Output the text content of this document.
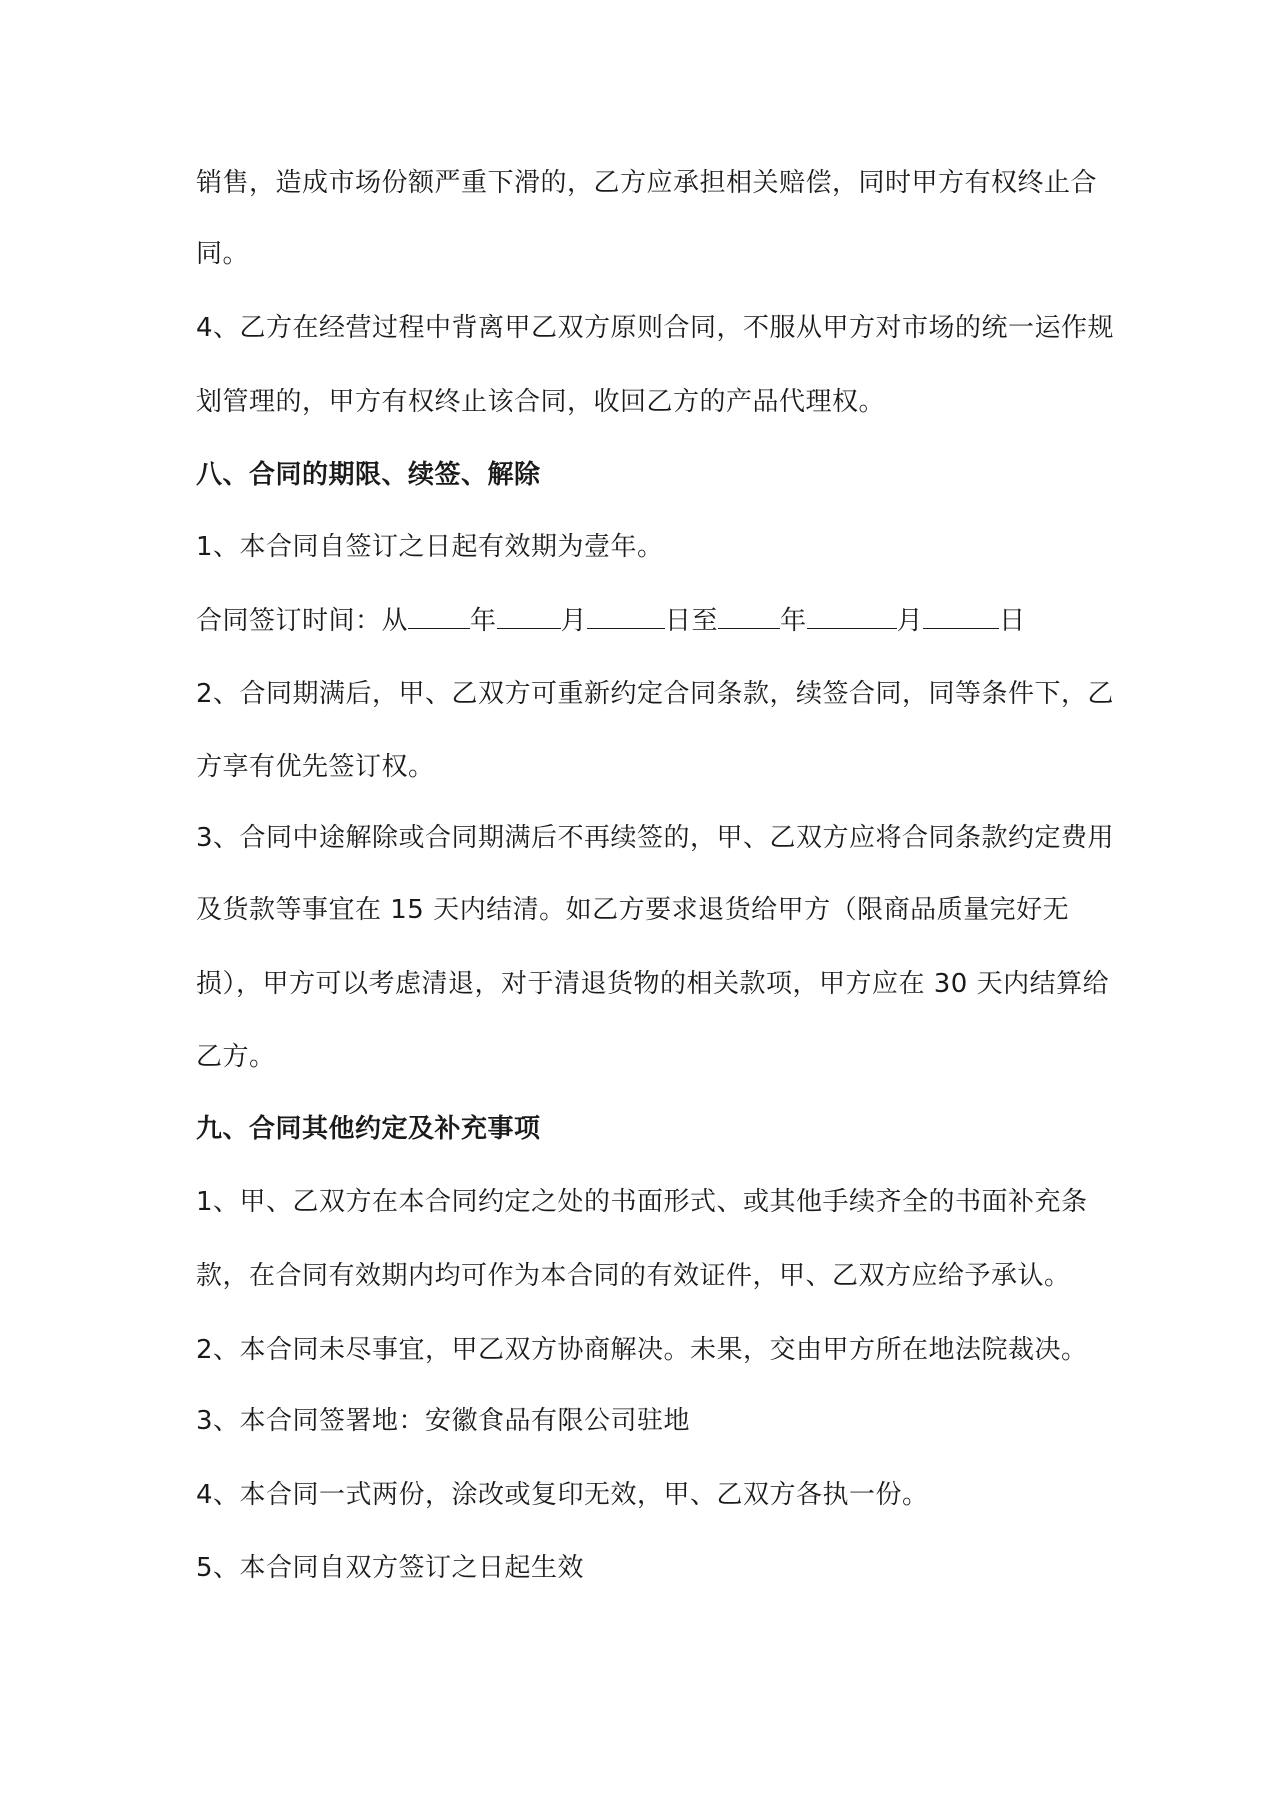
销售，造成市场份额严重下滑的，乙方应承担相关赔偿，同时甲方有权终止合
同。
4、乙方在经营过程中背离甲乙双方原则合同，不服从甲方对市场的统一运作规
划管理的，甲方有权终止该合同，收回乙方的产品代理权。
八、合同的期限、续签、解除
1、本合同自签订之日起有效期为壹年。
合同签订时间：从 年 月	日至 年	月	日
2、合同期满后，甲、乙双方可重新约定合同条款，续签合同，同等条件下，乙
方享有优先签订权。
3、合同中途解除或合同期满后不再续签的，甲、乙双方应将合同条款约定费用
及货款等事宜在 15 天内结清。如乙方要求退货给甲方（限商品质量完好无
损），甲方可以考虑清退，对于清退货物的相关款项，甲方应在 30 天内结算给
乙方。
九、合同其他约定及补充事项
1、甲、乙双方在本合同约定之处的书面形式、或其他手续齐全的书面补充条
款，在合同有效期内均可作为本合同的有效证件，甲、乙双方应给予承认。
2、本合同未尽事宜，甲乙双方协商解决。未果，交由甲方所在地法院裁决。
3、本合同签署地：安徽食品有限公司驻地
4、本合同一式两份，涂改或复印无效，甲、乙双方各执一份。
5、本合同自双方签订之日起生效
